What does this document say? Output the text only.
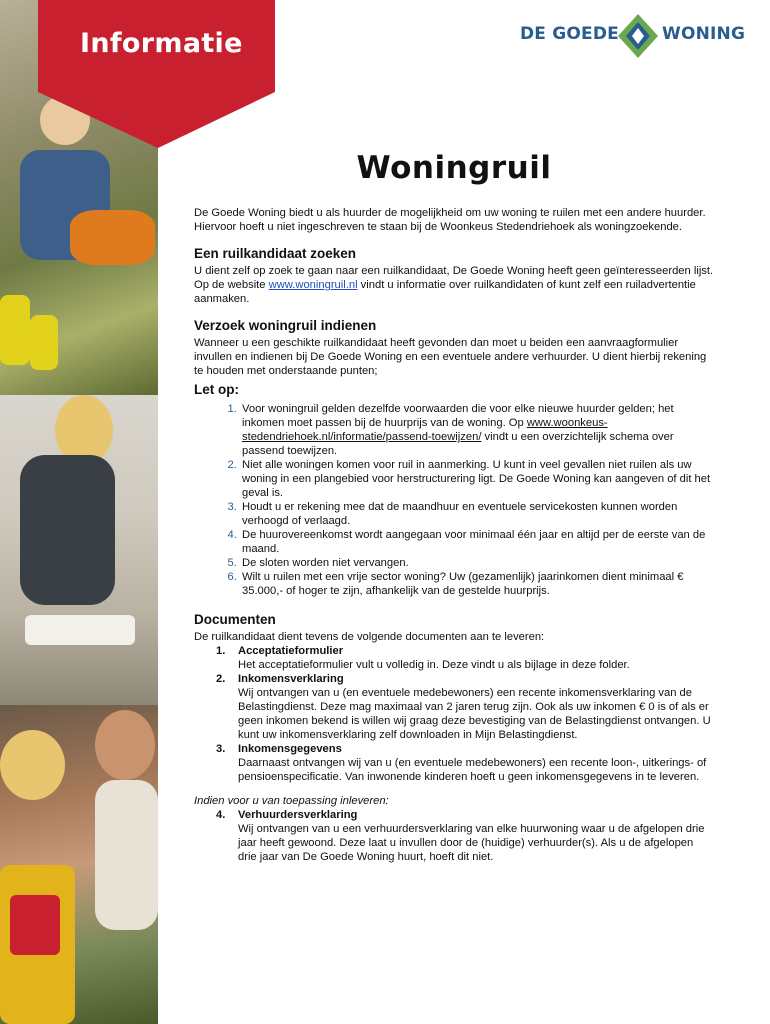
Informatie	DE GOEDE	WONING
Woningruil

De Goede Woning biedt u als huurder de mogelijkheid om uw woning te ruilen met een andere huurder. Hiervoor hoeft u niet ingeschreven te staan bij de Woonkeus Stedendriehoek als woningzoekende.

Een ruilkandidaat zoeken

U dient zelf op zoek te gaan naar een ruilkandidaat, De Goede Woning heeft geen geïnteresseerden lijst. Op de website www.woningruil.nl vindt u informatie over ruilkandidaten of kunt zelf een ruiladvertentie aanmaken.

Verzoek woningruil indienen

Wanneer u een geschikte ruilkandidaat heeft gevonden dan moet u beiden een aanvraagformulier invullen en indienen bij De Goede Woning en een eventuele andere verhuurder. U dient hierbij rekening te houden met onderstaande punten;

Let op:
1. Voor woningruil gelden dezelfde voorwaarden die voor elke nieuwe huurder gelden; het inkomen moet passen bij de huurprijs van de woning. Op www.woonkeus-stedendriehoek.nl/informatie/passend-toewijzen/ vindt u een overzichtelijk schema over passend toewijzen.
2. Niet alle woningen komen voor ruil in aanmerking. U kunt in veel gevallen niet ruilen als uw woning in een plangebied voor herstructurering ligt. De Goede Woning kan aangeven of dit het geval is.
3. Houdt u er rekening mee dat de maandhuur en eventuele servicekosten kunnen worden verhoogd of verlaagd.
4. De huurovereenkomst wordt aangegaan voor minimaal één jaar en altijd per de eerste van de maand.
5. De sloten worden niet vervangen.
6. Wilt u ruilen met een vrije sector woning? Uw (gezamenlijk) jaarinkomen dient minimaal € 35.000,- of hoger te zijn, afhankelijk van de gestelde huurprijs.
Documenten

De ruilkandidaat dient tevens de volgende documenten aan te leveren:

1. Acceptatieformulier
Het acceptatieformulier vult u volledig in. Deze vindt u als bijlage in deze folder.
2. Inkomensverklaring
Wij ontvangen van u (en eventuele medebewoners) een recente inkomensverklaring van de Belastingdienst. Deze mag maximaal van 2 jaren terug zijn. Ook als uw inkomen € 0 is of als er geen inkomen bekend is willen wij graag deze bevestiging van de Belastingdienst ontvangen. U kunt uw inkomensverklaring zelf downloaden in Mijn Belastingdienst.
3. Inkomensgegevens
Daarnaast ontvangen wij van u (en eventuele medebewoners) een recente loon-, uitkerings- of pensioenspecificatie. Van inwonende kinderen hoeft u geen inkomensgegevens in te leveren.

Indien voor u van toepassing inleveren:

4. Verhuurdersverklaring
Wij ontvangen van u een verhuurdersverklaring van elke huurwoning waar u de afgelopen drie jaar heeft gewoond. Deze laat u invullen door de (huidige) verhuurder(s). Als u de afgelopen drie jaar van De Goede Woning huurt, hoeft dit niet.
